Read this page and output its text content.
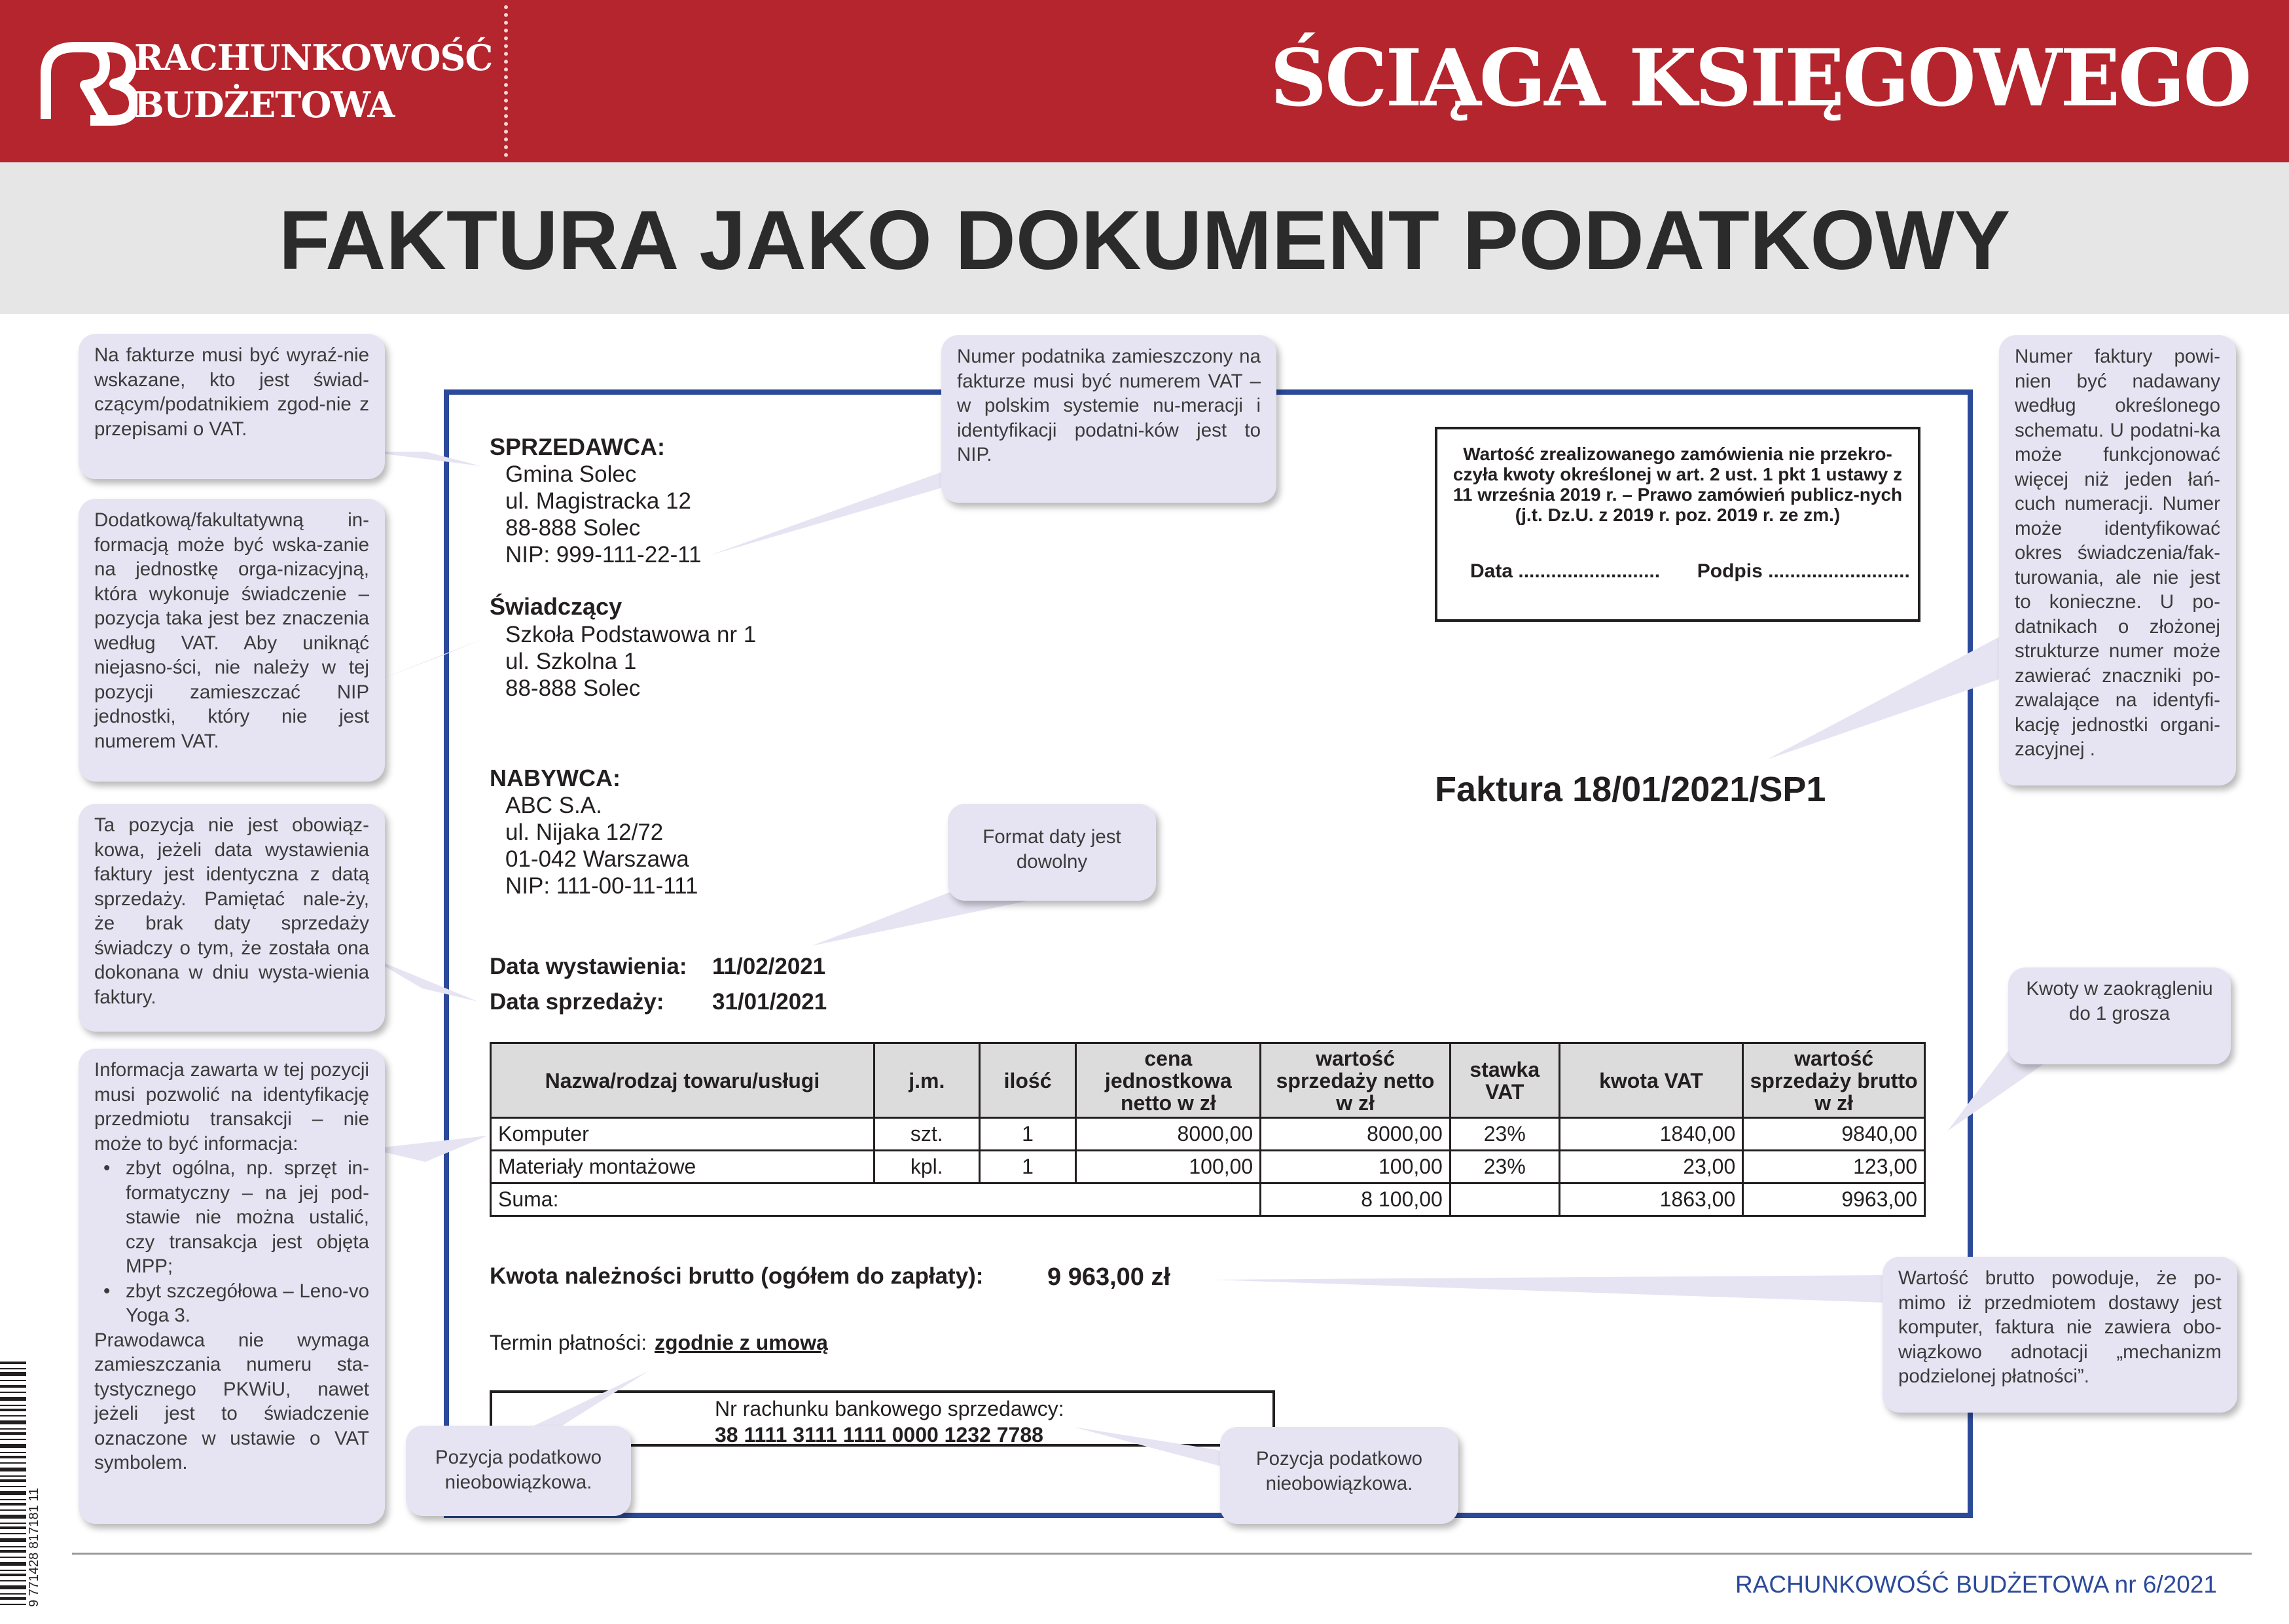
RACHUNKOWOŚĆ
BUDŻETOWA	ŚCIĄGA KSIĘGOWEGO
FAKTURA JAKO DOKUMENT PODATKOWY
SPRZEDAWCA:
Gmina Solec
ul. Magistracka 12
88-888 Solec
NIP: 999-111-22-11
Świadczący
Szkoła Podstawowa nr 1
ul. Szkolna 1
88-888 Solec
NABYWCA:
ABC S.A.
ul. Nijaka 12/72
01-042 Warszawa
NIP: 111-00-11-111
Wartość zrealizowanego zamówienia nie przekro-czyła kwoty określonej w art. 2 ust. 1 pkt 1 ustawy z 11 września 2019 r. – Prawo zamówień publicz-nych (j.t. Dz.U. z 2019 r. poz. 2019 r. ze zm.)
Data .......................... Podpis ..........................
Faktura 18/01/2021/SP1
Data wystawienia: 11/02/2021
Data sprzedaży: 31/01/2021
Nazwa/rodzaj towaru/usługi	j.m.	ilość	cena jednostkowa netto w zł	wartość sprzedaży netto w zł	stawka VAT	kwota VAT	wartość sprzedaży brutto w zł
Komputer	szt.	1	8000,00	8000,00	23%	1840,00	9840,00
Materiały montażowe	kpl.	1	100,00	100,00	23%	23,00	123,00
Suma:				8 100,00		1863,00	9963,00
Kwota należności brutto (ogółem do zapłaty):	9 963,00 zł
Termin płatności: zgodnie z umową
Nr rachunku bankowego sprzedawcy:
38 1111 3111 1111 0000 1232 7788
Na fakturze musi być wyraź-nie wskazane, kto jest świad-czącym/podatnikiem zgod-nie z przepisami o VAT.
Dodatkową/fakultatywną in-formacją może być wska-zanie na jednostkę orga-nizacyjną, która wykonuje świadczenie – pozycja taka jest bez znaczenia według VAT. Aby uniknąć niejasno-ści, nie należy w tej pozycji zamieszczać NIP jednostki, który nie jest numerem VAT.
Ta pozycja nie jest obowiąz-kowa, jeżeli data wystawienia faktury jest identyczna z datą sprzedaży. Pamiętać nale-ży, że brak daty sprzedaży świadczy o tym, że została ona dokonana w dniu wysta-wienia faktury.
Informacja zawarta w tej pozycji musi pozwolić na identyfikację przedmiotu transakcji – nie może to być informacja:
• zbyt ogólna, np. sprzęt in-formatyczny – na jej pod-stawie nie można ustalić, czy transakcja jest objęta MPP;
• zbyt szczegółowa – Leno-vo Yoga 3.
Prawodawca nie wymaga zamieszczania numeru sta-tystycznego PKWiU, nawet jeżeli jest to świadczenie oznaczone w ustawie o VAT symbolem.
Numer podatnika zamieszczony na fakturze musi być numerem VAT – w polskim systemie nu-meracji i identyfikacji podatni-ków jest to NIP.
Format daty jest dowolny
Numer faktury powi-nien być nadawany według określonego schematu. U podatni-ka może funkcjonować więcej niż jeden łań-cuch numeracji. Numer może identyfikować okres świadczenia/fak-turowania, ale nie jest to konieczne. U po-datnikach o złożonej strukturze numer może zawierać znaczniki po-zwalające na identyfi-kację jednostki organi-zacyjnej .
Kwoty w zaokrągleniu do 1 grosza
Wartość brutto powoduje, że po-mimo iż przedmiotem dostawy jest komputer, faktura nie zawiera obo-wiązkowo adnotacji „mechanizm podzielonej płatności”.
Pozycja podatkowo nieobowiązkowa.
Pozycja podatkowo nieobowiązkowa.
9 771428 817181 11	RACHUNKOWOŚĆ BUDŻETOWA nr 6/2021
